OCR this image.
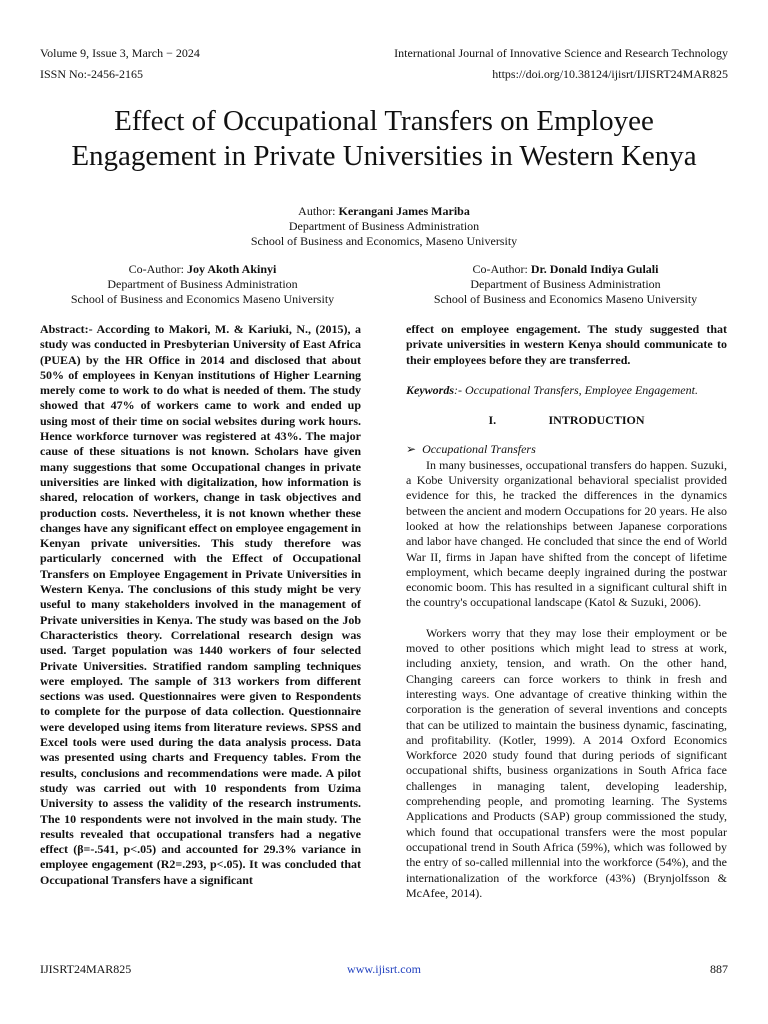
Volume 9, Issue 3, March − 2024	International Journal of Innovative Science and Research Technology
ISSN No:-2456-2165	https://doi.org/10.38124/ijisrt/IJISRT24MAR825
Effect of Occupational Transfers on Employee Engagement in Private Universities in Western Kenya
Author: Kerangani James Mariba
Department of Business Administration
School of Business and Economics, Maseno University
Co-Author: Joy Akoth Akinyi
Department of Business Administration
School of Business and Economics Maseno University
Co-Author: Dr. Donald Indiya Gulali
Department of Business Administration
School of Business and Economics Maseno University

Abstract:- According to Makori, M. & Kariuki, N., (2015), a study was conducted in Presbyterian University of East Africa (PUEA) by the HR Office in 2014 and disclosed that about 50% of employees in Kenyan institutions of Higher Learning merely come to work to do what is needed of them. The study showed that 47% of workers came to work and ended up using most of their time on social websites during work hours. Hence workforce turnover was registered at 43%. The major cause of these situations is not known. Scholars have given many suggestions that some Occupational changes in private universities are linked with digitalization, how information is shared, relocation of workers, change in task objectives and production costs. Nevertheless, it is not known whether these changes have any significant effect on employee engagement in Kenyan private universities. This study therefore was particularly concerned with the Effect of Occupational Transfers on Employee Engagement in Private Universities in Western Kenya. The conclusions of this study might be very useful to many stakeholders involved in the management of Private universities in Kenya. The study was based on the Job Characteristics theory. Correlational research design was used. Target population was 1440 workers of four selected Private Universities. Stratified random sampling techniques were employed. The sample of 313 workers from different sections was used. Questionnaires were given to Respondents to complete for the purpose of data collection. Questionnaire were developed using items from literature reviews. SPSS and Excel tools were used during the data analysis process. Data was presented using charts and Frequency tables. From the results, conclusions and recommendations were made. A pilot study was carried out with 10 respondents from Uzima University to assess the validity of the research instruments. The 10 respondents were not involved in the main study. The results revealed that occupational transfers had a negative effect (β=-.541, p<.05) and accounted for 29.3% variance in employee engagement (R2=.293, p<.05). It was concluded that Occupational Transfers have a significant

effect on employee engagement. The study suggested that private universities in western Kenya should communicate to their employees before they are transferred.

Keywords:- Occupational Transfers, Employee Engagement.

I.	INTRODUCTION

➢ Occupational Transfers

In many businesses, occupational transfers do happen. Suzuki, a Kobe University organizational behavioral specialist provided evidence for this, he tracked the differences in the dynamics between the ancient and modern Occupations for 20 years. He also looked at how the relationships between Japanese corporations and labor have changed. He concluded that since the end of World War II, firms in Japan have shifted from the concept of lifetime employment, which became deeply ingrained during the postwar economic boom. This has resulted in a significant cultural shift in the country's occupational landscape (Katol & Suzuki, 2006).

Workers worry that they may lose their employment or be moved to other positions which might lead to stress at work, including anxiety, tension, and wrath. On the other hand, Changing careers can force workers to think in fresh and interesting ways. One advantage of creative thinking within the corporation is the generation of several inventions and concepts that can be utilized to maintain the business dynamic, fascinating, and profitability. (Kotler, 1999). A 2014 Oxford Economics Workforce 2020 study found that during periods of significant occupational shifts, business organizations in South Africa face challenges in managing talent, developing leadership, comprehending people, and promoting learning. The Systems Applications and Products (SAP) group commissioned the study, which found that occupational transfers were the most popular occupational trend in South Africa (59%), which was followed by the entry of so-called millennial into the workforce (54%), and the internationalization of the workforce (43%) (Brynjolfsson & McAfee, 2014).

IJISRT24MAR825	www.ijisrt.com	887
